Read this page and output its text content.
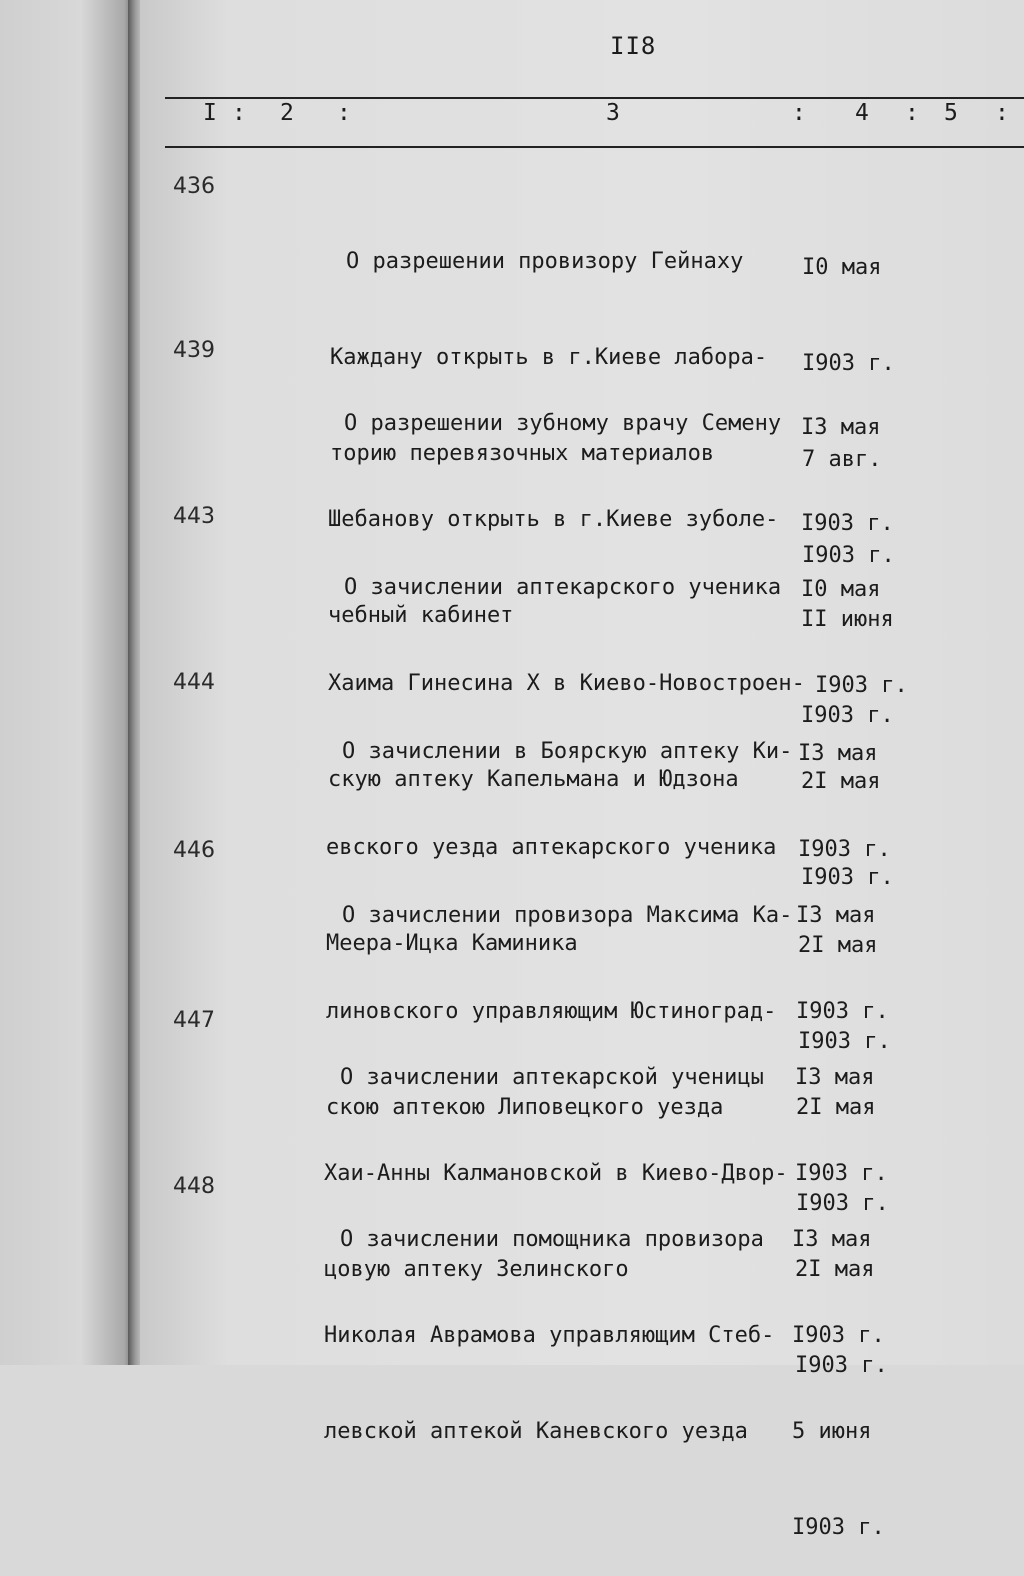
II8
I : 2 :	3	: 4 : 5 :
436

О разрешении провизору Гейнаху

Каждану открыть в г.Киеве лабора-

торию перевязочных материалов

I0 мая

I903 г.

7 авг.

I903 г.

439

О разрешении зубному врачу Семену

Шебанову открыть в г.Киеве зуболе-

чебный кабинет

I3 мая

I903 г.

II июня

I903 г.

443

О зачислении аптекарского ученика

Хаима Гинесина Х в Киево-Новостроен-

скую аптеку Капельмана и Юдзона

I0 мая

I903 г.

2I мая

I903 г.

444

О зачислении в Боярскую аптеку Ки-

евского уезда аптекарского ученика

Меера-Ицка Каминика

I3 мая

I903 г.

2I мая

I903 г.

446

О зачислении провизора Максима Ка-

линовского управляющим Юстиноград-

скою аптекою Липовецкого уезда

I3 мая

I903 г.

2I мая

I903 г.

447

О зачислении аптекарской ученицы

Хаи-Анны Калмановской в Киево-Двор-

цовую аптеку Зелинского

I3 мая

I903 г.

2I мая

I903 г.

448

О зачислении помощника провизора

Николая Аврамова управляющим Стеб-

левской аптекой Каневского уезда

I3 мая

I903 г.

5 июня

I903 г.
